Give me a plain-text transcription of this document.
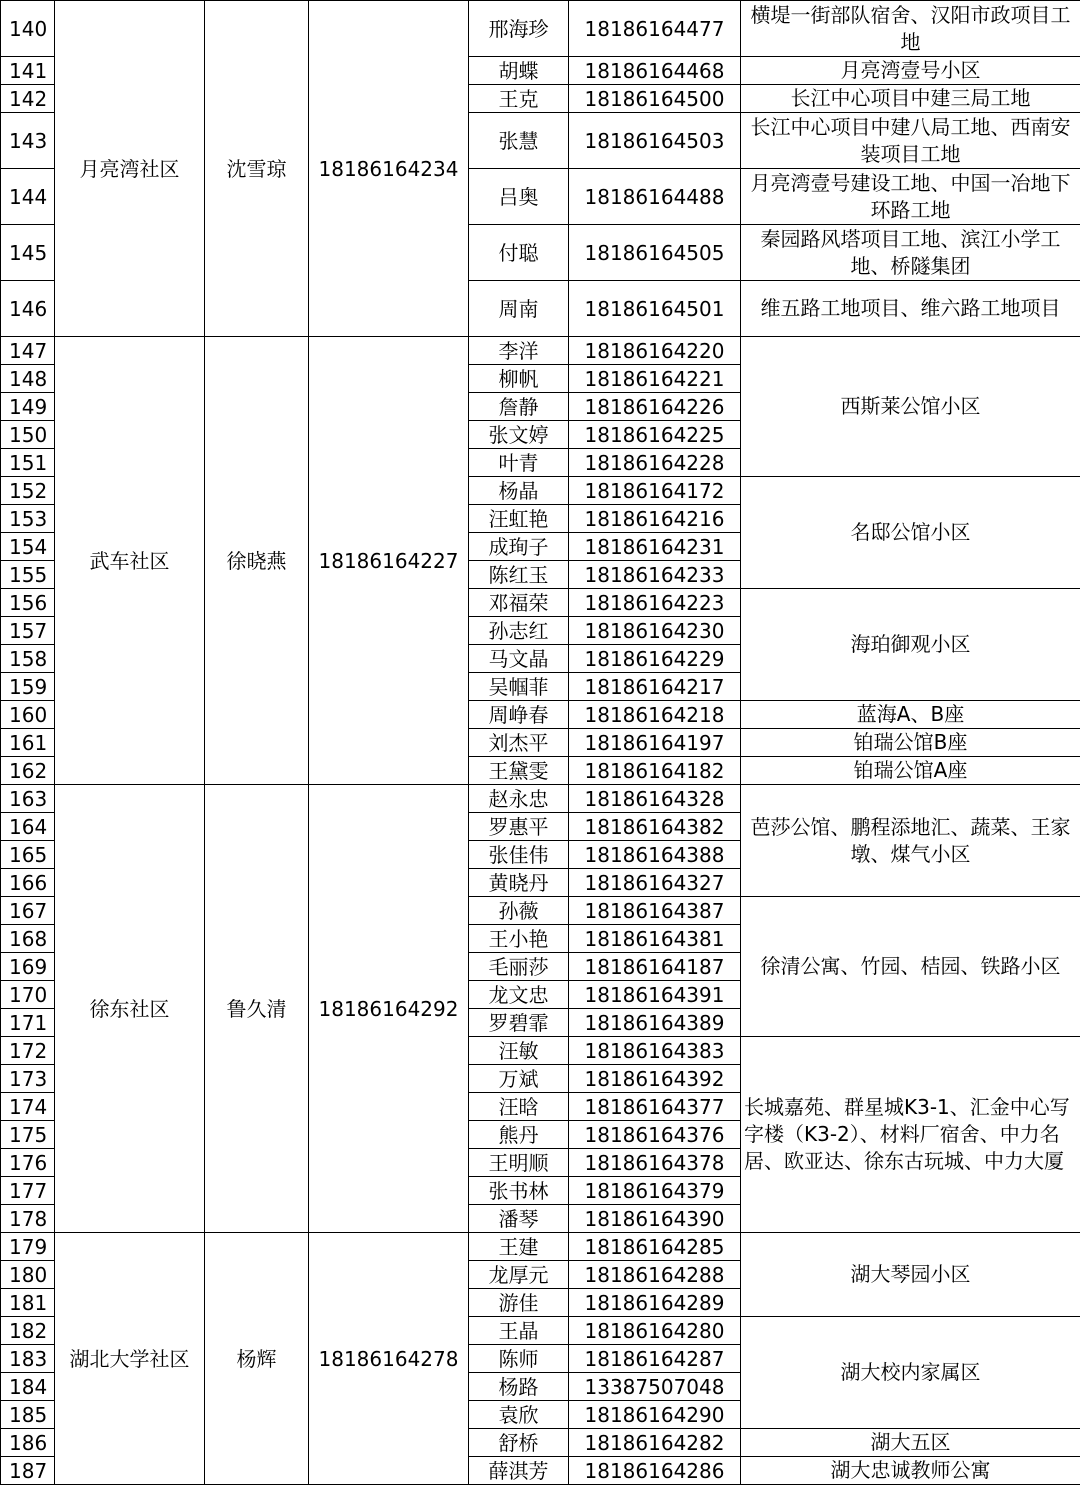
140	月亮湾社区	沈雪琼	18186164234	邢海珍	18186164477	横堤一街部队宿舍、汉阳市政项目工地
141				胡蝶	18186164468	月亮湾壹号小区
142				王克	18186164500	长江中心项目中建三局工地
143				张慧	18186164503	长江中心项目中建八局工地、西南安装项目工地
144				吕奥	18186164488	月亮湾壹号建设工地、中国一冶地下环路工地
145				付聪	18186164505	秦园路风塔项目工地、滨江小学工地、桥隧集团
146				周南	18186164501	维五路工地项目、维六路工地项目
147	武车社区	徐晓燕	18186164227	李洋	18186164220	西斯莱公馆小区
148				柳帆	18186164221	
149				詹静	18186164226	
150				张文婷	18186164225	
151				叶青	18186164228	
152				杨晶	18186164172	名邸公馆小区
153				汪虹艳	18186164216	
154				成珣子	18186164231	
155				陈红玉	18186164233	
156				邓福荣	18186164223	海珀御观小区
157				孙志红	18186164230	
158				马文晶	18186164229	
159				吴帼菲	18186164217	
160				周峥春	18186164218	蓝海A、B座
161				刘杰平	18186164197	铂瑞公馆B座
162				王黛雯	18186164182	铂瑞公馆A座
163	徐东社区	鲁久清	18186164292	赵永忠	18186164328	芭莎公馆、鹏程添地汇、蔬菜、王家墩、煤气小区
164				罗惠平	18186164382	
165				张佳伟	18186164388	
166				黄晓丹	18186164327	
167				孙薇	18186164387	徐清公寓、竹园、桔园、铁路小区
168				王小艳	18186164381	
169				毛丽莎	18186164187	
170				龙文忠	18186164391	
171				罗碧霏	18186164389	
172				汪敏	18186164383	长城嘉苑、群星城K3-1、汇金中心写字楼（K3-2）、材料厂宿舍、中力名居、欧亚达、徐东古玩城、中力大厦
173				万斌	18186164392	
174				汪晗	18186164377	
175				熊丹	18186164376	
176				王明顺	18186164378	
177				张书林	18186164379	
178				潘琴	18186164390	
179	湖北大学社区	杨辉	18186164278	王建	18186164285	湖大琴园小区
180				龙厚元	18186164288	
181				游佳	18186164289	
182				王晶	18186164280	湖大校内家属区
183				陈师	18186164287	
184				杨路	13387507048	
185				袁欣	18186164290	
186				舒桥	18186164282	湖大五区
187				薛淇芳	18186164286	湖大忠诚教师公寓
